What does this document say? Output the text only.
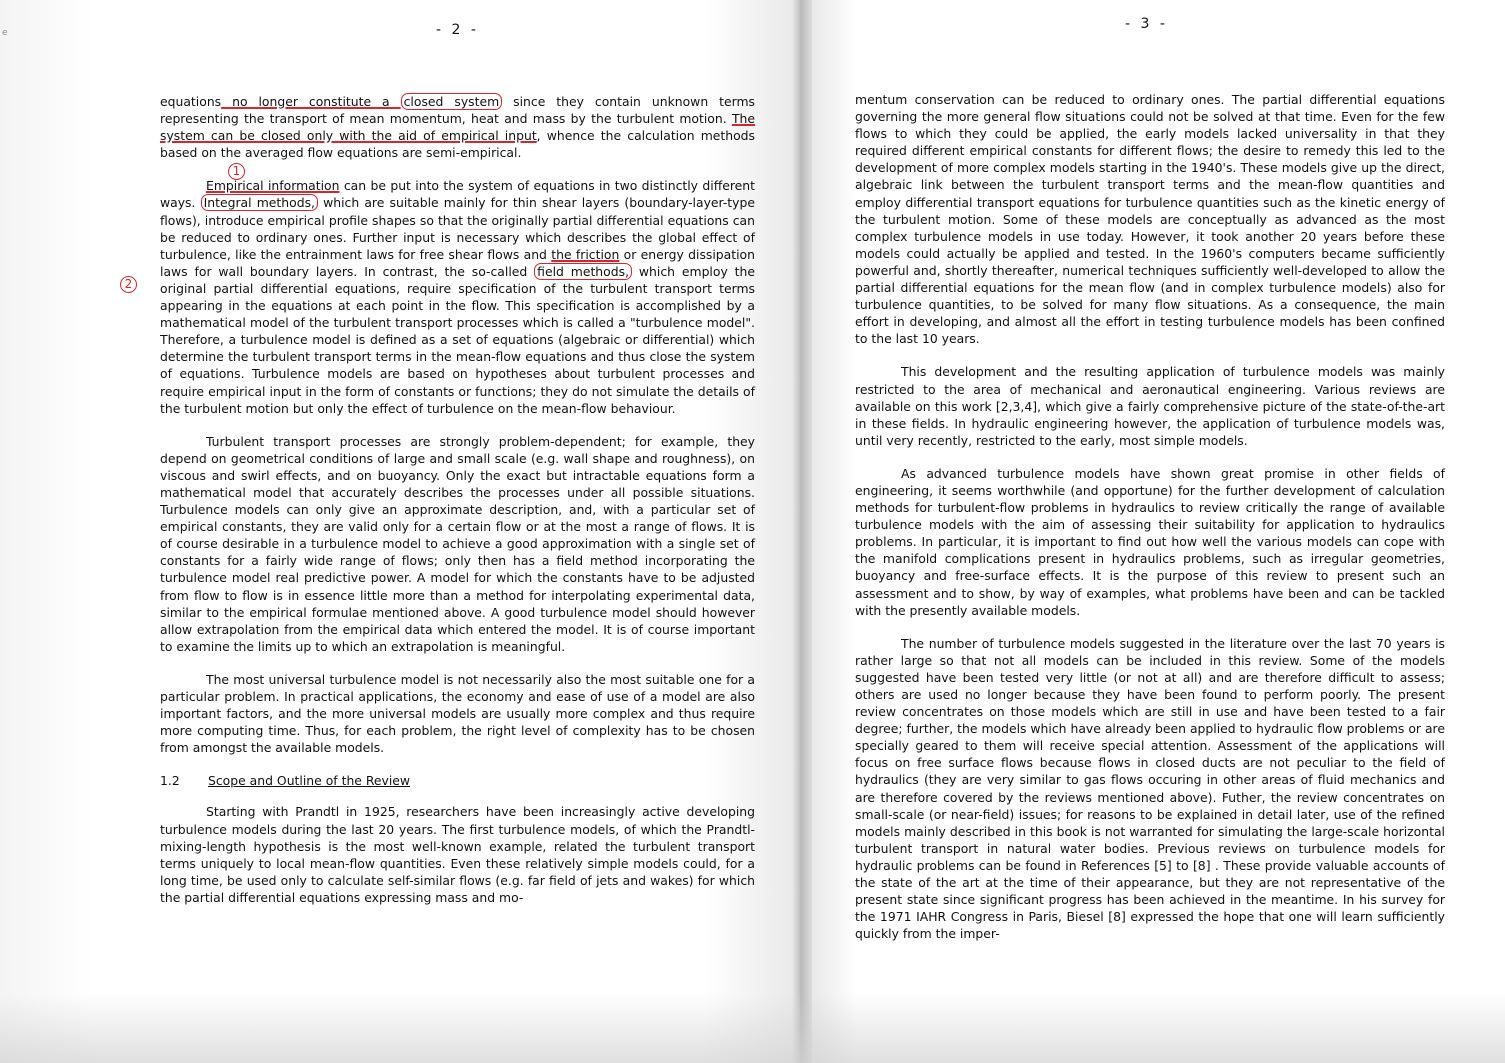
e	- 2 -
1
2

equations no longer constitute a closed system since they contain unknown terms representing the transport of mean momentum, heat and mass by the turbulent motion. The system can be closed only with the aid of empirical input, whence the calculation methods based on the averaged flow equations are semi-empirical.

Empirical information can be put into the system of equations in two distinctly different ways. Integral methods, which are suitable mainly for thin shear layers (boundary-layer-type flows), introduce empirical profile shapes so that the originally partial differential equations can be reduced to ordinary ones. Further input is necessary which describes the global effect of turbulence, like the entrainment laws for free shear flows and the friction or energy dissipation laws for wall boundary layers. In contrast, the so-called field methods, which employ the original partial differential equations, require specification of the turbulent transport terms appearing in the equations at each point in the flow. This specification is accomplished by a mathematical model of the turbulent transport processes which is called a "turbulence model". Therefore, a turbulence model is defined as a set of equations (algebraic or differential) which determine the turbulent transport terms in the mean-flow equations and thus close the system of equations. Turbulence models are based on hypotheses about turbulent processes and require empirical input in the form of constants or functions; they do not simulate the details of the turbulent motion but only the effect of turbulence on the mean-flow behaviour.

Turbulent transport processes are strongly problem-dependent; for example, they depend on geometrical conditions of large and small scale (e.g. wall shape and roughness), on viscous and swirl effects, and on buoyancy. Only the exact but intractable equations form a mathematical model that accurately describes the processes under all possible situations. Turbulence models can only give an approximate description, and, with a particular set of empirical constants, they are valid only for a certain flow or at the most a range of flows. It is of course desirable in a turbulence model to achieve a good approximation with a single set of constants for a fairly wide range of flows; only then has a field method incorporating the turbulence model real predictive power. A model for which the constants have to be adjusted from flow to flow is in essence little more than a method for interpolating experimental data, similar to the empirical formulae mentioned above. A good turbulence model should however allow extrapolation from the empirical data which entered the model. It is of course important to examine the limits up to which an extrapolation is meaningful.

The most universal turbulence model is not necessarily also the most suitable one for a particular problem. In practical applications, the economy and ease of use of a model are also important factors, and the more universal models are usually more complex and thus require more computing time. Thus, for each problem, the right level of complexity has to be chosen from amongst the available models.

1.2 Scope and Outline of the Review

Starting with Prandtl in 1925, researchers have been increasingly active developing turbulence models during the last 20 years. The first turbulence models, of which the Prandtl-mixing-length hypothesis is the most well-known example, related the turbulent transport terms uniquely to local mean-flow quantities. Even these relatively simple models could, for a long time, be used only to calculate self-similar flows (e.g. far field of jets and wakes) for which the partial differential equations expressing mass and mo-

- 3 -

mentum conservation can be reduced to ordinary ones. The partial differential equations governing the more general flow situations could not be solved at that time. Even for the few flows to which they could be applied, the early models lacked universality in that they required different empirical constants for different flows; the desire to remedy this led to the development of more complex models starting in the 1940's. These models give up the direct, algebraic link between the turbulent transport terms and the mean-flow quantities and employ differential transport equations for turbulence quantities such as the kinetic energy of the turbulent motion. Some of these models are conceptually as advanced as the most complex turbulence models in use today. However, it took another 20 years before these models could actually be applied and tested. In the 1960's computers became sufficiently powerful and, shortly thereafter, numerical techniques sufficiently well-developed to allow the partial differential equations for the mean flow (and in complex turbulence models) also for turbulence quantities, to be solved for many flow situations. As a consequence, the main effort in developing, and almost all the effort in testing turbulence models has been confined to the last 10 years.

This development and the resulting application of turbulence models was mainly restricted to the area of mechanical and aeronautical engineering. Various reviews are available on this work [2,3,4], which give a fairly comprehensive picture of the state-of-the-art in these fields. In hydraulic engineering however, the application of turbulence models was, until very recently, restricted to the early, most simple models.

As advanced turbulence models have shown great promise in other fields of engineering, it seems worthwhile (and opportune) for the further development of calculation methods for turbulent-flow problems in hydraulics to review critically the range of available turbulence models with the aim of assessing their suitability for application to hydraulics problems. In particular, it is important to find out how well the various models can cope with the manifold complications present in hydraulics problems, such as irregular geometries, buoyancy and free-surface effects. It is the purpose of this review to present such an assessment and to show, by way of examples, what problems have been and can be tackled with the presently available models.

The number of turbulence models suggested in the literature over the last 70 years is rather large so that not all models can be included in this review. Some of the models suggested have been tested very little (or not at all) and are therefore difficult to assess; others are used no longer because they have been found to perform poorly. The present review concentrates on those models which are still in use and have been tested to a fair degree; further, the models which have already been applied to hydraulic flow problems or are specially geared to them will receive special attention. Assessment of the applications will focus on free surface flows because flows in closed ducts are not peculiar to the field of hydraulics (they are very similar to gas flows occuring in other areas of fluid mechanics and are therefore covered by the reviews mentioned above). Futher, the review concentrates on small-scale (or near-field) issues; for reasons to be explained in detail later, use of the refined models mainly described in this book is not warranted for simulating the large-scale horizontal turbulent transport in natural water bodies. Previous reviews on turbulence models for hydraulic problems can be found in References [5] to [8] . These provide valuable accounts of the state of the art at the time of their appearance, but they are not representative of the present state since significant progress has been achieved in the meantime. In his survey for the 1971 IAHR Congress in Paris, Biesel [8] expressed the hope that one will learn sufficiently quickly from the imper-
